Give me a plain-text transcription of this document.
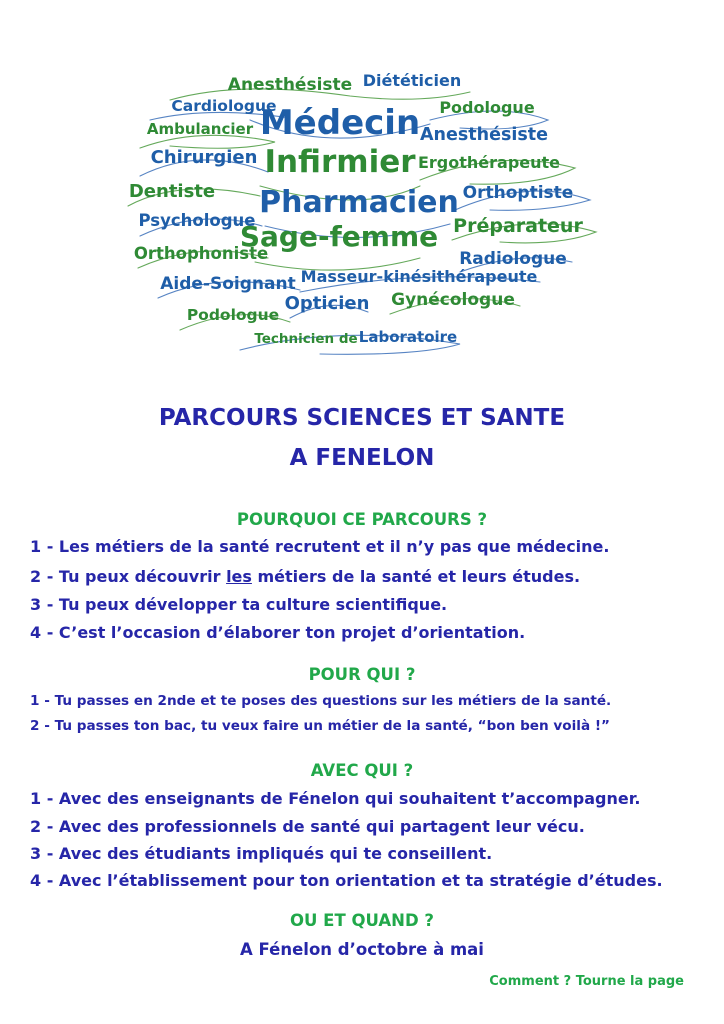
Anesthésiste Diététicien
Cardiologue	Podologue
Ambulancier Médecin Anesthésiste
Chirurgien Infirmier Ergothérapeute
Dentiste Pharmacien Orthoptiste
Psychologue	Préparateur
Sage-femme
Orthophoniste	Radiologue
Aide-Soignant Masseur-kinésithérapeute
Opticien Gynécologue
Podologue
Technicien de Laboratoire
PARCOURS SCIENCES ET SANTE
A FENELON
POURQUOI CE PARCOURS ?
1 - Les métiers de la santé recrutent et il n’y pas que médecine.
2 - Tu peux découvrir les métiers de la santé et leurs études.
3 - Tu peux développer ta culture scientifique.
4 - C’est l’occasion d’élaborer ton projet d’orientation.
POUR QUI ?
1 - Tu passes en 2nde et te poses des questions sur les métiers de la santé.
2 - Tu passes ton bac, tu veux faire un métier de la santé, “bon ben voilà !”
AVEC QUI ?
1 - Avec des enseignants de Fénelon qui souhaitent t’accompagner.
2 - Avec des professionnels de santé qui partagent leur vécu.
3 - Avec des étudiants impliqués qui te conseillent.
4 - Avec l’établissement pour ton orientation et ta stratégie d’études.
OU ET QUAND ?
A Fénelon d’octobre à mai
Comment ? Tourne la page
